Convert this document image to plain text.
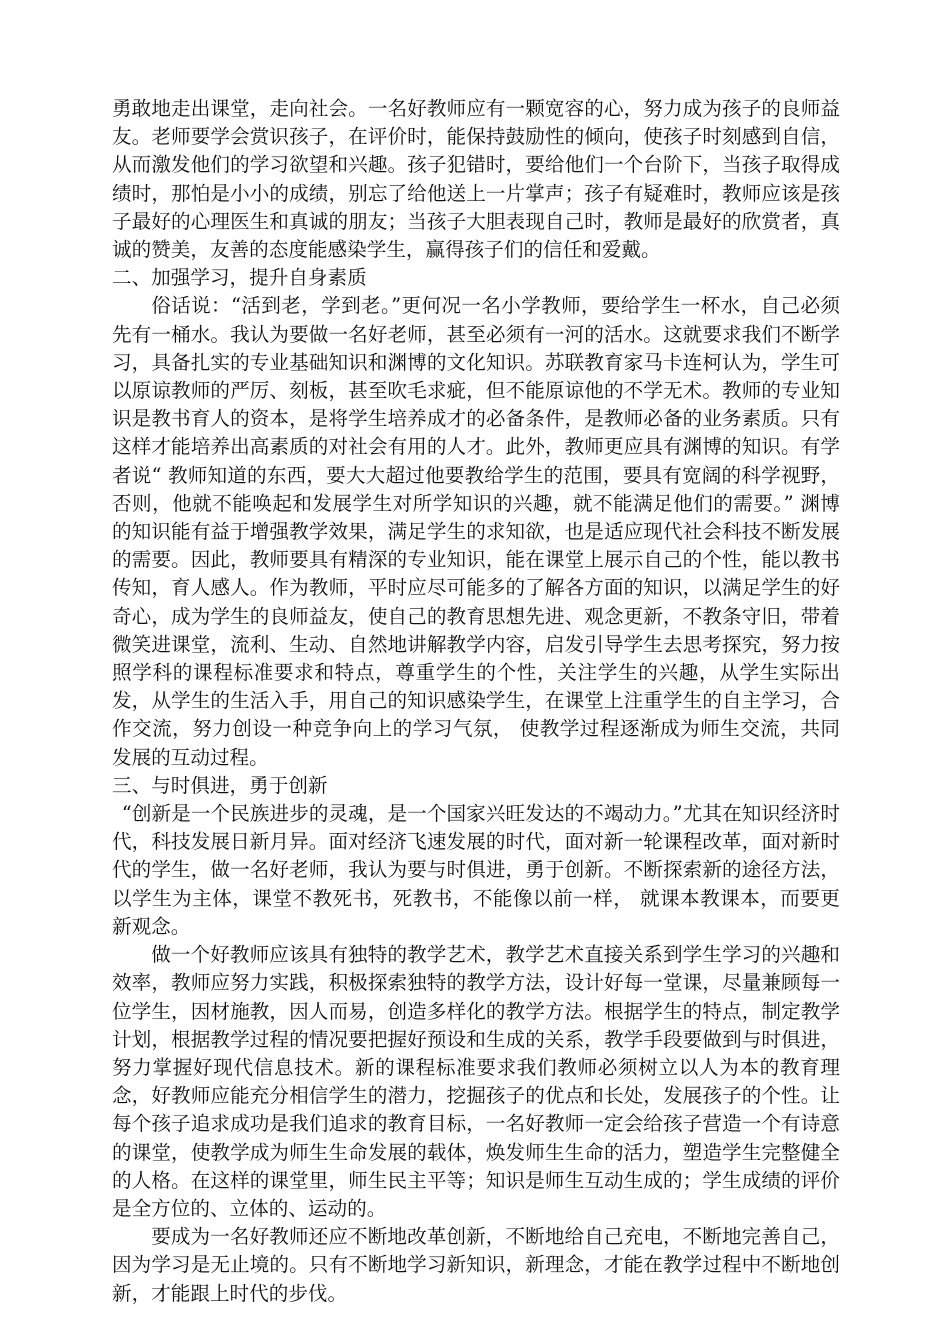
勇敢地走出课堂，走向社会。一名好教师应有一颗宽容的心，努力成为孩子的良师益友。老师要学会赏识孩子，在评价时，能保持鼓励性的倾向，使孩子时刻感到自信，从而激发他们的学习欲望和兴趣。孩子犯错时，要给他们一个台阶下，当孩子取得成绩时，那怕是小小的成绩，别忘了给他送上一片掌声；孩子有疑难时，教师应该是孩子最好的心理医生和真诚的朋友；当孩子大胆表现自己时，教师是最好的欣赏者，真诚的赞美，友善的态度能感染学生，赢得孩子们的信任和爱戴。

二、加强学习，提升自身素质

俗话说：“活到老，学到老。”更何况一名小学教师，要给学生一杯水，自己必须先有一桶水。我认为要做一名好老师，甚至必须有一河的活水。这就要求我们不断学习，具备扎实的专业基础知识和渊博的文化知识。苏联教育家马卡连柯认为，学生可以原谅教师的严厉、刻板，甚至吹毛求疵，但不能原谅他的不学无术。教师的专业知识是教书育人的资本，是将学生培养成才的必备条件，是教师必备的业务素质。只有这样才能培养出高素质的对社会有用的人才。此外，教师更应具有渊博的知识。有学者说“ 教师知道的东西，要大大超过他要教给学生的范围，要具有宽阔的科学视野，否则，他就不能唤起和发展学生对所学知识的兴趣，就不能满足他们的需要。” 渊博的知识能有益于增强教学效果，满足学生的求知欲，也是适应现代社会科技不断发展的需要。因此，教师要具有精深的专业知识，能在课堂上展示自己的个性，能以教书传知，育人感人。作为教师，平时应尽可能多的了解各方面的知识，以满足学生的好奇心，成为学生的良师益友，使自己的教育思想先进、观念更新，不教条守旧，带着微笑进课堂，流利、生动、自然地讲解教学内容，启发引导学生去思考探究，努力按照学科的课程标准要求和特点，尊重学生的个性，关注学生的兴趣，从学生实际出发，从学生的生活入手，用自己的知识感染学生，在课堂上注重学生的自主学习，合作交流，努力创设一种竞争向上的学习气氛， 使教学过程逐渐成为师生交流，共同发展的互动过程。

三、与时俱进，勇于创新

“创新是一个民族进步的灵魂，是一个国家兴旺发达的不竭动力。”尤其在知识经济时代，科技发展日新月异。面对经济飞速发展的时代，面对新一轮课程改革，面对新时代的学生，做一名好老师，我认为要与时俱进，勇于创新。不断探索新的途径方法，以学生为主体，课堂不教死书，死教书，不能像以前一样， 就课本教课本，而要更新观念。

做一个好教师应该具有独特的教学艺术，教学艺术直接关系到学生学习的兴趣和效率，教师应努力实践，积极探索独特的教学方法，设计好每一堂课，尽量兼顾每一位学生，因材施教，因人而易，创造多样化的教学方法。根据学生的特点，制定教学计划，根据教学过程的情况要把握好预设和生成的关系，教学手段要做到与时俱进，努力掌握好现代信息技术。新的课程标准要求我们教师必须树立以人为本的教育理念，好教师应能充分相信学生的潜力，挖掘孩子的优点和长处，发展孩子的个性。让每个孩子追求成功是我们追求的教育目标，一名好教师一定会给孩子营造一个有诗意的课堂，使教学成为师生生命发展的载体，焕发师生生命的活力，塑造学生完整健全的人格。在这样的课堂里，师生民主平等；知识是师生互动生成的；学生成绩的评价是全方位的、立体的、运动的。

要成为一名好教师还应不断地改革创新，不断地给自己充电，不断地完善自己，因为学习是无止境的。只有不断地学习新知识，新理念，才能在教学过程中不断地创新，才能跟上时代的步伐。
